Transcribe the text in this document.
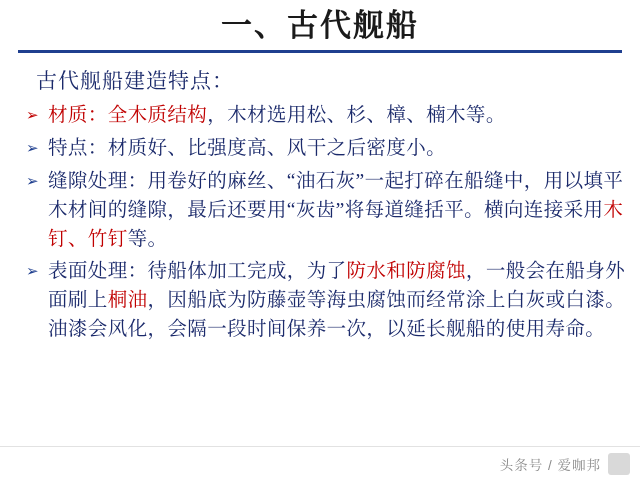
一、古代舰船
古代舰船建造特点：
➢ 材质：全木质结构，木材选用松、杉、樟、楠木等。
➢ 特点：材质好、比强度高、风干之后密度小。
➢ 缝隙处理：用卷好的麻丝、“油石灰”一起打碎在船缝中，用以填平木材间的缝隙，最后还要用“灰齿”将每道缝括平。横向连接采用木钉、竹钉等。
➢ 表面处理：待船体加工完成，为了防水和防腐蚀，一般会在船身外面刷上桐油，因船底为防藤壶等海虫腐蚀而经常涂上白灰或白漆。油漆会风化，会隔一段时间保养一次，以延长舰船的使用寿命。
头条号 / 爱咖邦
